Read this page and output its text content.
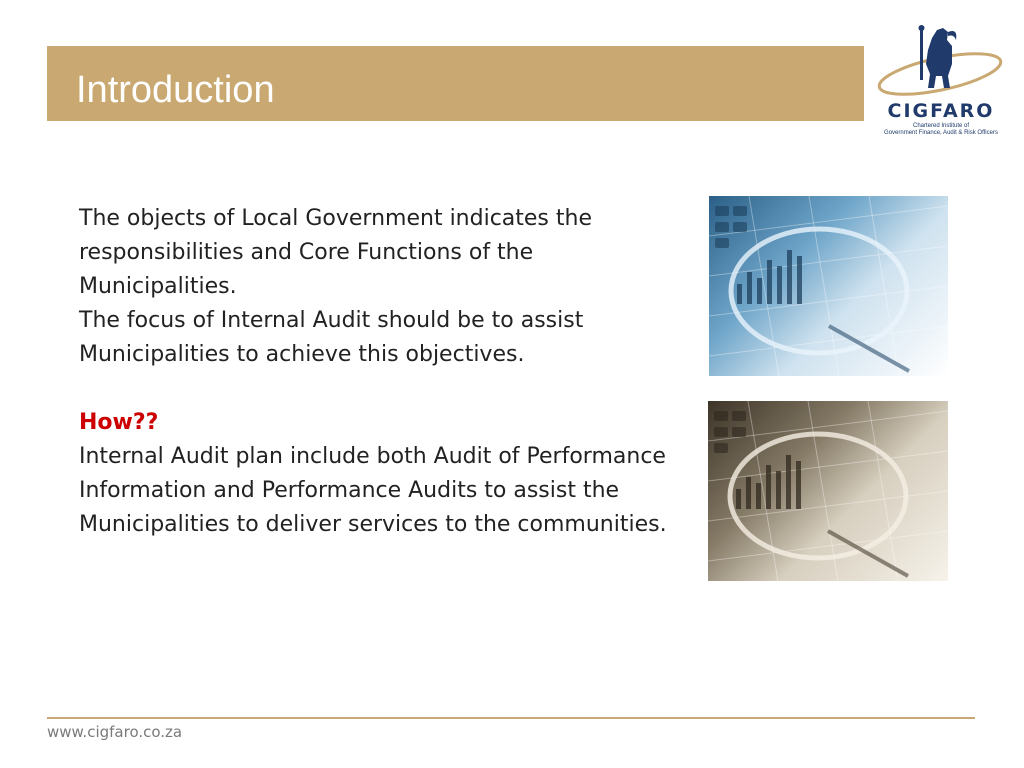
Introduction	CIGFARO
Chartered Institute of
Government Finance, Audit & Risk Officers

The objects of Local Government indicates the responsibilities and Core Functions of the Municipalities.

The focus of Internal Audit should be to assist Municipalities to achieve this objectives.

How??

Internal Audit plan include both Audit of Performance Information and Performance Audits to assist the Municipalities to deliver services to the communities.

www.cigfaro.co.za
